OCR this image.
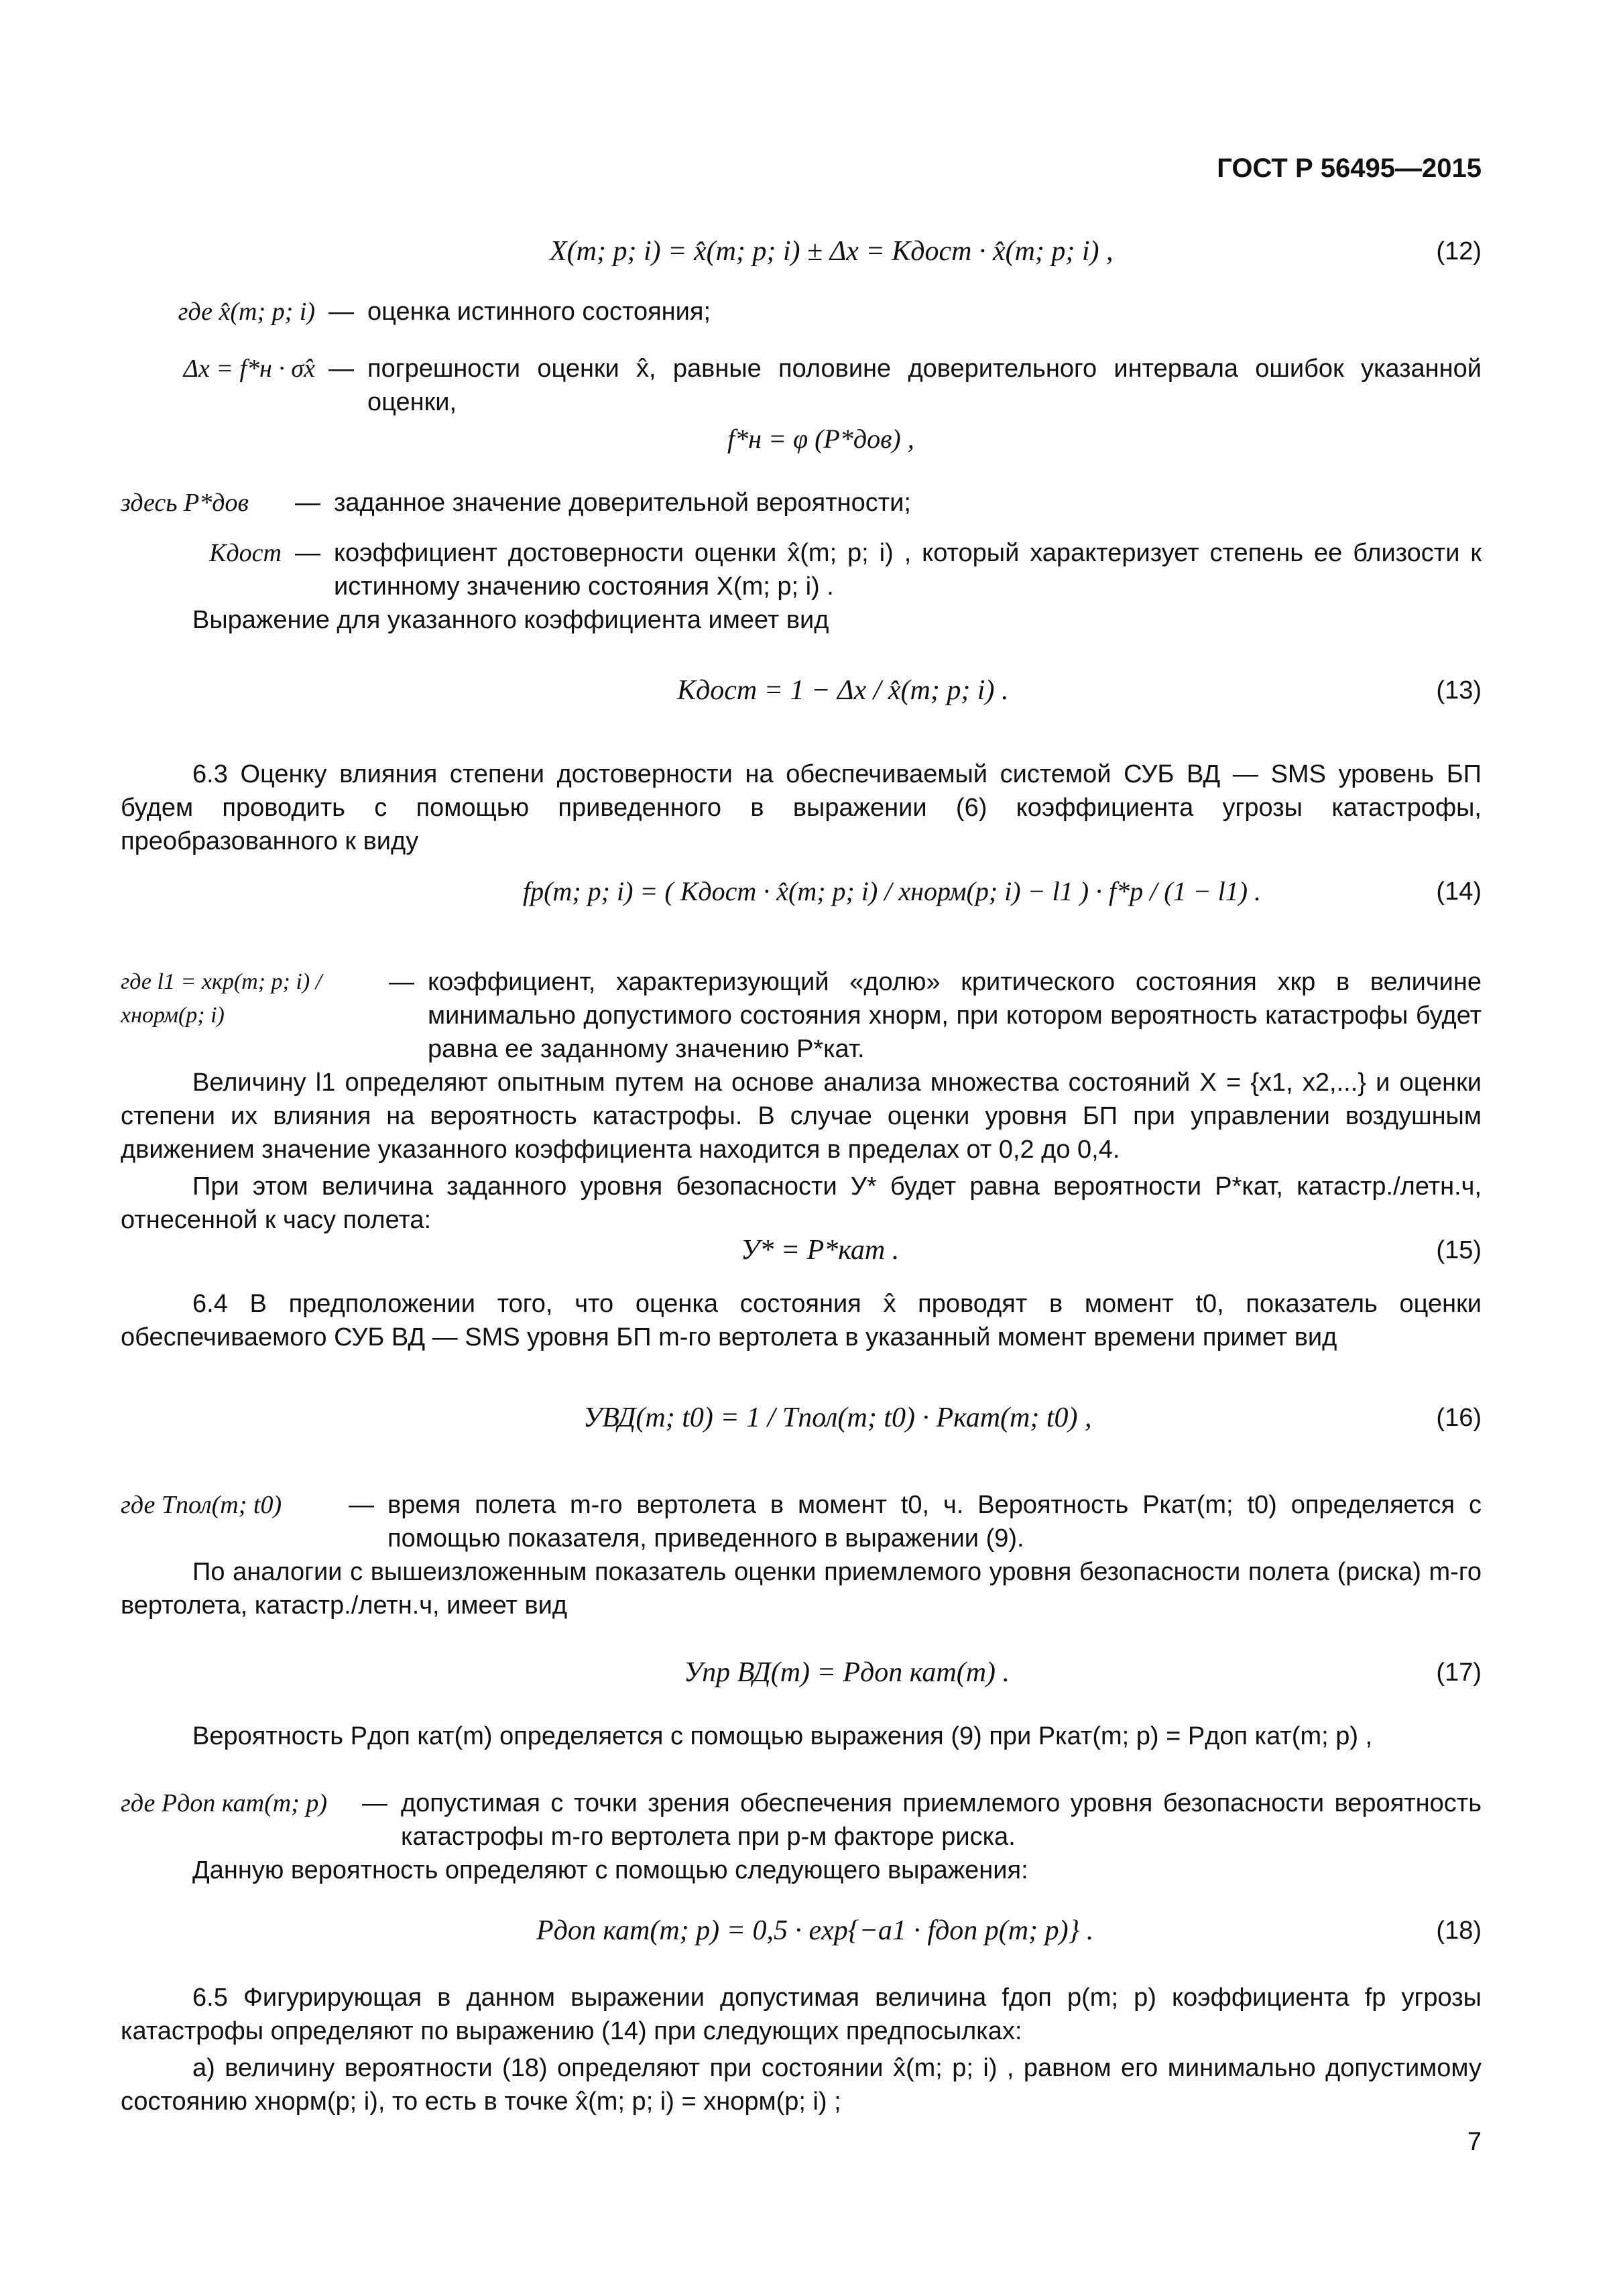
ГОСТ Р 56495—2015
X(m; p; i) = x̂(m; p; i) ± Δx = Kдост · x̂(m; p; i) ,	(12)
где x̂(m; p; i) — оценка истинного состояния;
Δx = f*н · σ̂x — погрешности оценки x̂, равные половине доверительного интервала ошибок указанной оценки,
f*н = φ (P*дов) ,
здесь P*дов	— заданное значение доверительной вероятности;
Kдост — коэффициент достоверности оценки x̂(m; p; i) , который характеризует степень ее близости к истинному значению состояния X(m; p; i) .

Выражение для указанного коэффициента имеет вид

Kдост = 1 − Δx / x̂(m; p; i) .	(13)

6.3 Оценку влияния степени достоверности на обеспечиваемый системой СУБ ВД — SMS уровень БП будем проводить с помощью приведенного в выражении (6) коэффициента угрозы катастрофы, преобразованного к виду

fр(m; p; i) = ( Kдост · x̂(m; p; i) / xнорм(p; i) − l1 ) · f*р / (1 − l1) .	(14)
где l1 = xкр(m; p; i) / xнорм(p; i)
— коэффициент, характеризующий «долю» критического состояния xкр в величине минимально допустимого состояния xнорм, при котором вероятность катастрофы будет равна ее заданному значению P*кат.

Величину l1 определяют опытным путем на основе анализа множества состояний X = {x1, x2,...} и оценки степени их влияния на вероятность катастрофы. В случае оценки уровня БП при управлении воздушным движением значение указанного коэффициента находится в пределах от 0,2 до 0,4.

При этом величина заданного уровня безопасности У* будет равна вероятности P*кат, катастр./летн.ч, отнесенной к часу полета:

У* = P*кат .	(15)

6.4 В предположении того, что оценка состояния x̂ проводят в момент t0, показатель оценки обеспечиваемого СУБ ВД — SMS уровня БП m-го вертолета в указанный момент времени примет вид

УВД(m; t0) = 1 / Tпол(m; t0) · Pкат(m; t0) ,	(16)
где Tпол(m; t0)	— время полета m-го вертолета в момент t0, ч. Вероятность Pкат(m; t0) определяется с помощью показателя, приведенного в выражении (9).

По аналогии с вышеизложенным показатель оценки приемлемого уровня безопасности полета (риска) m-го вертолета, катастр./летн.ч, имеет вид

Упр ВД(m) = Pдоп кат(m) .	(17)

Вероятность Pдоп кат(m) определяется с помощью выражения (9) при Pкат(m; p) = Pдоп кат(m; p) ,

где Pдоп кат(m; p)	— допустимая с точки зрения обеспечения приемлемого уровня безопасности вероятность катастрофы m-го вертолета при p-м факторе риска.

Данную вероятность определяют с помощью следующего выражения:

Pдоп кат(m; p) = 0,5 · exp{−a1 · fдоп р(m; p)} .	(18)

6.5 Фигурирующая в данном выражении допустимая величина fдоп р(m; p) коэффициента fр угрозы катастрофы определяют по выражению (14) при следующих предпосылках:

а) величину вероятности (18) определяют при состоянии x̂(m; p; i) , равном его минимально допустимому состоянию xнорм(p; i), то есть в точке x̂(m; p; i) = xнорм(p; i) ;

7
